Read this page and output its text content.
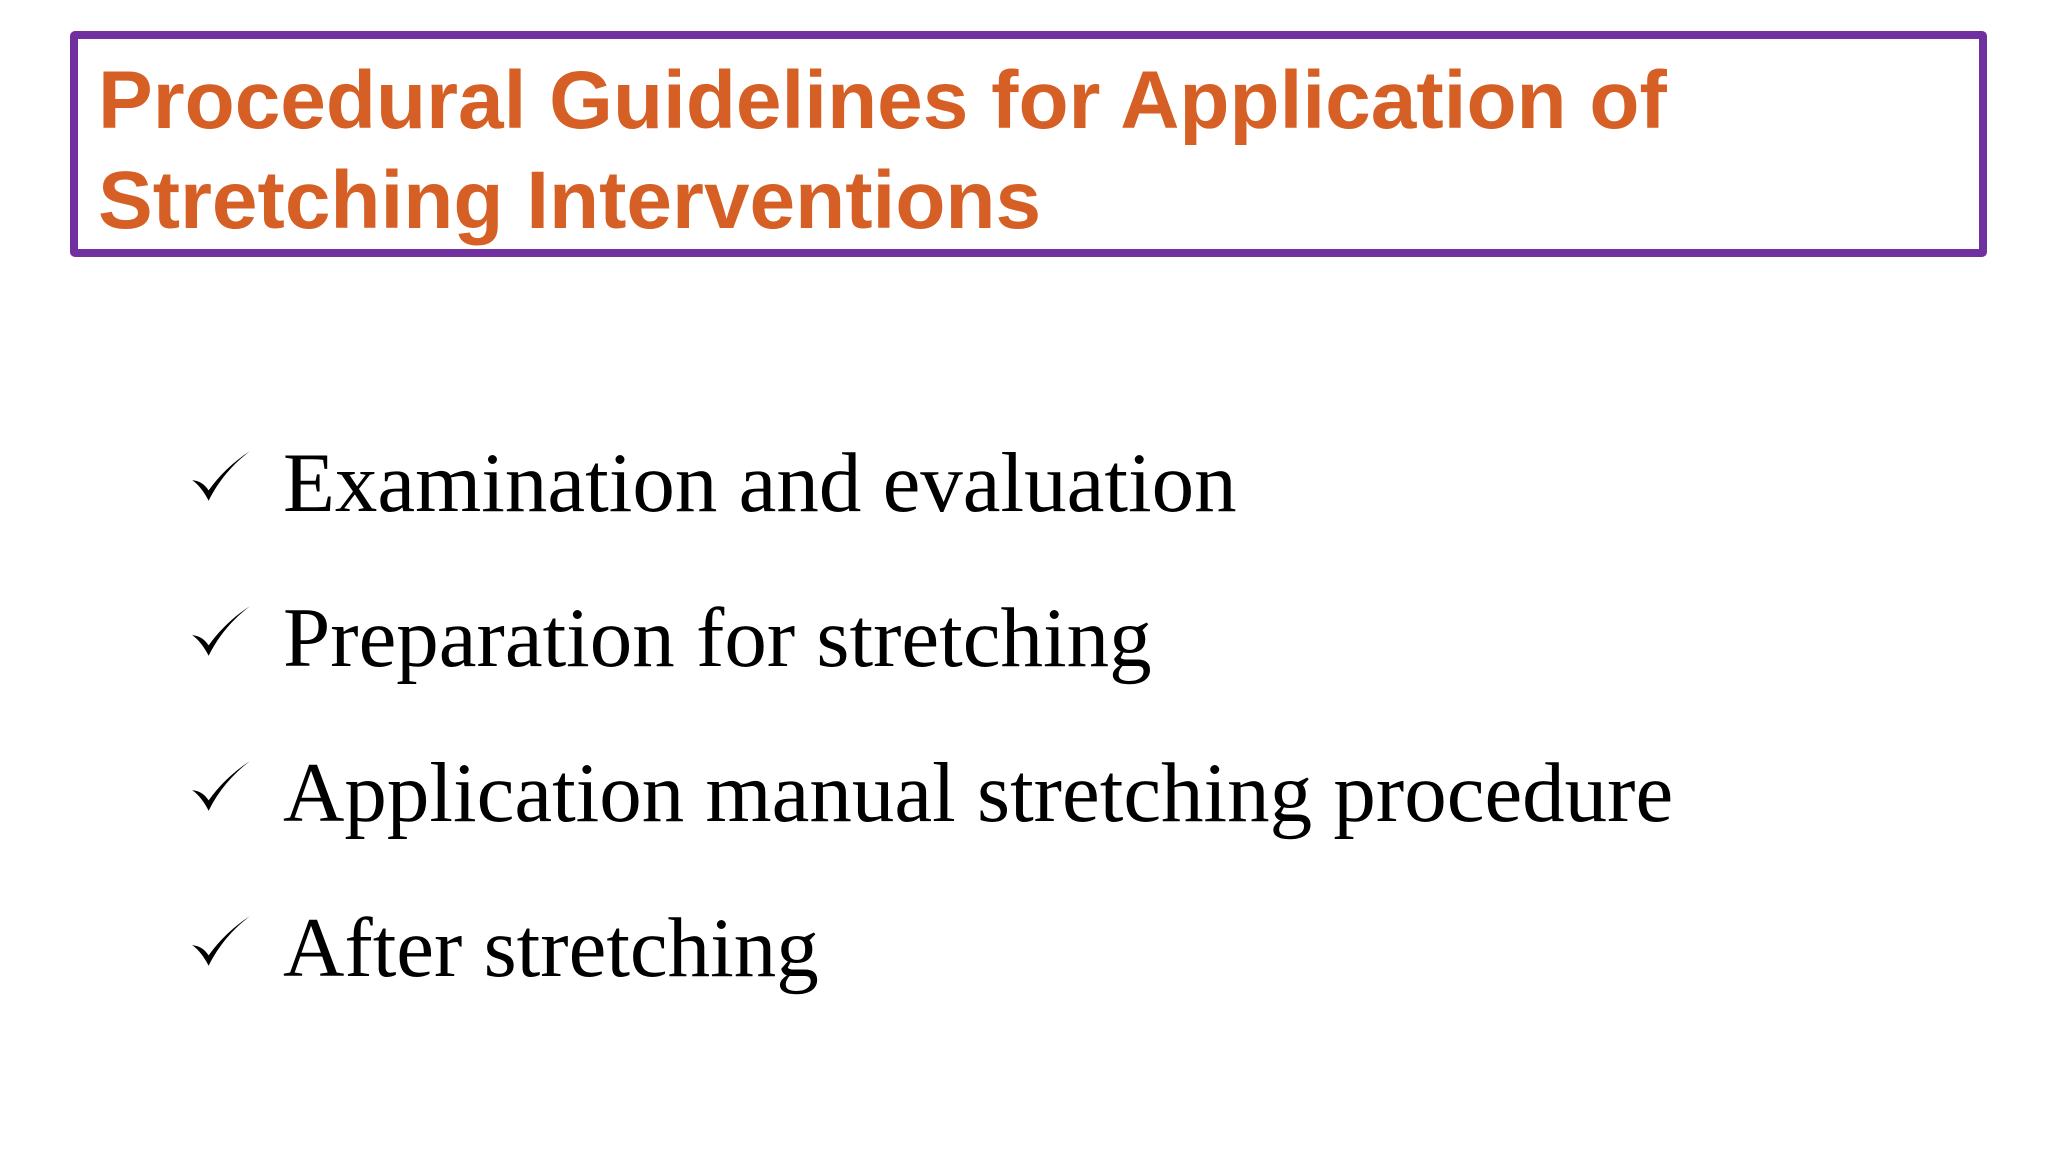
Procedural Guidelines for Application of Stretching Interventions
Examination and evaluation
Preparation for stretching
Application manual stretching procedure
After stretching
